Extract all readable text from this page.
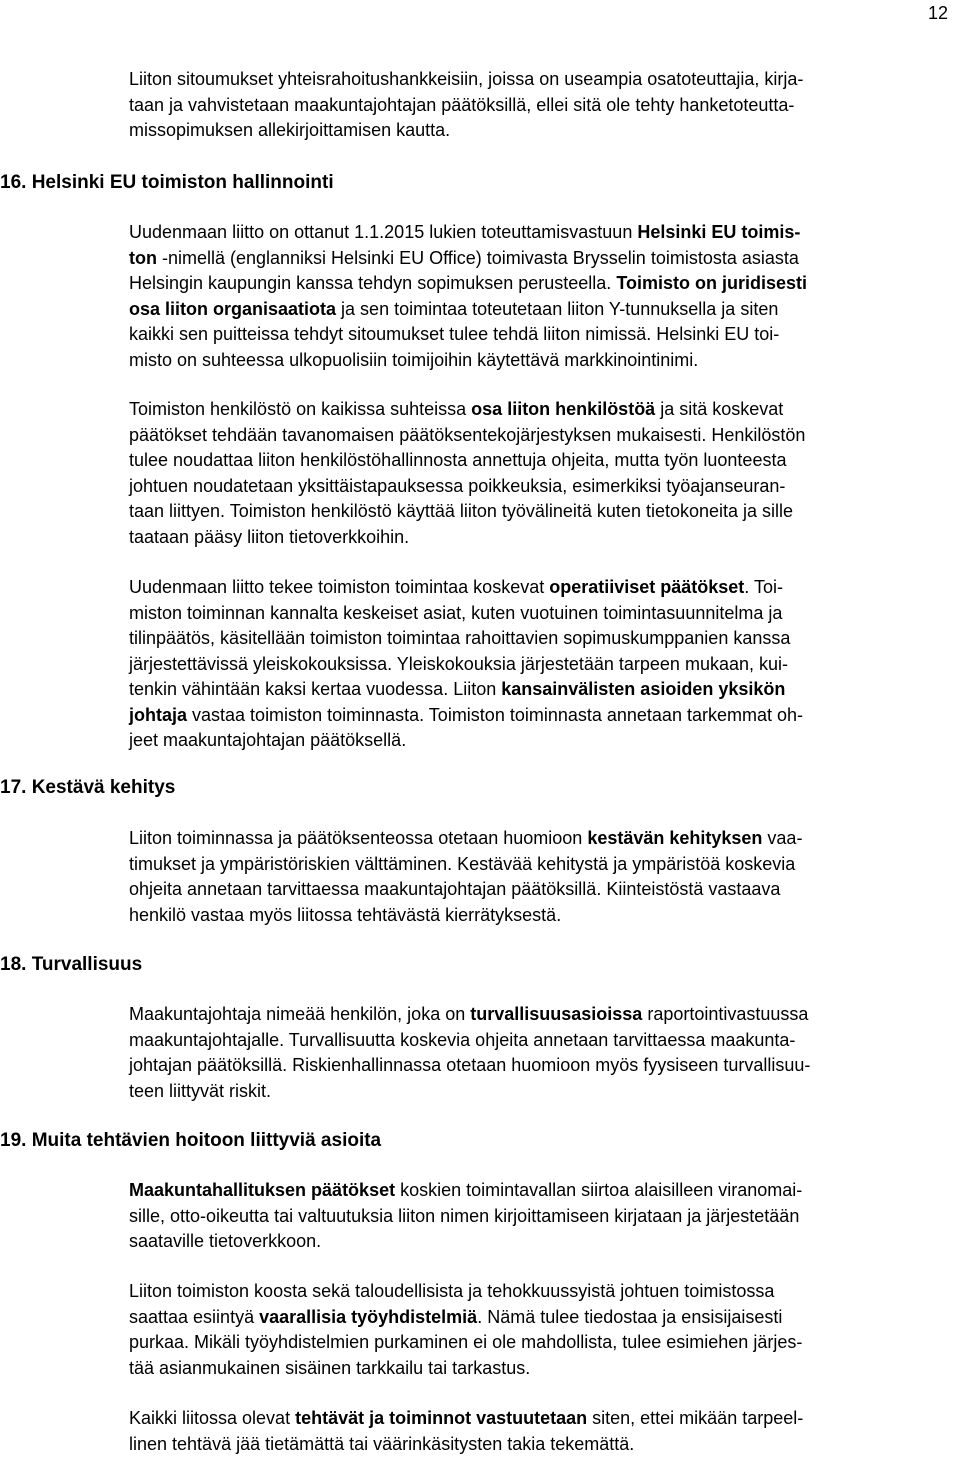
12

Liiton sitoumukset yhteisrahoitushankkeisiin, joissa on useampia osatoteuttajia, kirja-
taan ja vahvistetaan maakuntajohtajan päätöksillä, ellei sitä ole tehty hanketoteutta-
missopimuksen allekirjoittamisen kautta.

16. Helsinki EU toimiston hallinnointi

Uudenmaan liitto on ottanut 1.1.2015 lukien toteuttamisvastuun Helsinki EU toimis-
ton -nimellä (englanniksi Helsinki EU Office) toimivasta Brysselin toimistosta asiasta
Helsingin kaupungin kanssa tehdyn sopimuksen perusteella. Toimisto on juridisesti
osa liiton organisaatiota ja sen toimintaa toteutetaan liiton Y-tunnuksella ja siten
kaikki sen puitteissa tehdyt sitoumukset tulee tehdä liiton nimissä. Helsinki EU toi-
misto on suhteessa ulkopuolisiin toimijoihin käytettävä markkinointinimi.

Toimiston henkilöstö on kaikissa suhteissa osa liiton henkilöstöä ja sitä koskevat
päätökset tehdään tavanomaisen päätöksentekojärjestyksen mukaisesti. Henkilöstön
tulee noudattaa liiton henkilöstöhallinnosta annettuja ohjeita, mutta työn luonteesta
johtuen noudatetaan yksittäistapauksessa poikkeuksia, esimerkiksi työajanseuran-
taan liittyen. Toimiston henkilöstö käyttää liiton työvälineitä kuten tietokoneita ja sille
taataan pääsy liiton tietoverkkoihin.

Uudenmaan liitto tekee toimiston toimintaa koskevat operatiiviset päätökset. Toi-
miston toiminnan kannalta keskeiset asiat, kuten vuotuinen toimintasuunnitelma ja
tilinpäätös, käsitellään toimiston toimintaa rahoittavien sopimuskumppanien kanssa
järjestettävissä yleiskokouksissa. Yleiskokouksia järjestetään tarpeen mukaan, kui-
tenkin vähintään kaksi kertaa vuodessa. Liiton kansainvälisten asioiden yksikön
johtaja vastaa toimiston toiminnasta. Toimiston toiminnasta annetaan tarkemmat oh-
jeet maakuntajohtajan päätöksellä.

17. Kestävä kehitys

Liiton toiminnassa ja päätöksenteossa otetaan huomioon kestävän kehityksen vaa-
timukset ja ympäristöriskien välttäminen. Kestävää kehitystä ja ympäristöä koskevia
ohjeita annetaan tarvittaessa maakuntajohtajan päätöksillä. Kiinteistöstä vastaava
henkilö vastaa myös liitossa tehtävästä kierrätyksestä.

18. Turvallisuus

Maakuntajohtaja nimeää henkilön, joka on turvallisuusasioissa raportointivastuussa
maakuntajohtajalle. Turvallisuutta koskevia ohjeita annetaan tarvittaessa maakunta-
johtajan päätöksillä. Riskienhallinnassa otetaan huomioon myös fyysiseen turvallisuu-
teen liittyvät riskit.

19. Muita tehtävien hoitoon liittyviä asioita

Maakuntahallituksen päätökset koskien toimintavallan siirtoa alaisilleen viranomai-
sille, otto-oikeutta tai valtuutuksia liiton nimen kirjoittamiseen kirjataan ja järjestetään
saataville tietoverkkoon.

Liiton toimiston koosta sekä taloudellisista ja tehokkuussyistä johtuen toimistossa
saattaa esiintyä vaarallisia työyhdistelmiä. Nämä tulee tiedostaa ja ensisijaisesti
purkaa. Mikäli työyhdistelmien purkaminen ei ole mahdollista, tulee esimiehen järjes-
tää asianmukainen sisäinen tarkkailu tai tarkastus.

Kaikki liitossa olevat tehtävät ja toiminnot vastuutetaan siten, ettei mikään tarpeel-
linen tehtävä jää tietämättä tai väärinkäsitysten takia tekemättä.
